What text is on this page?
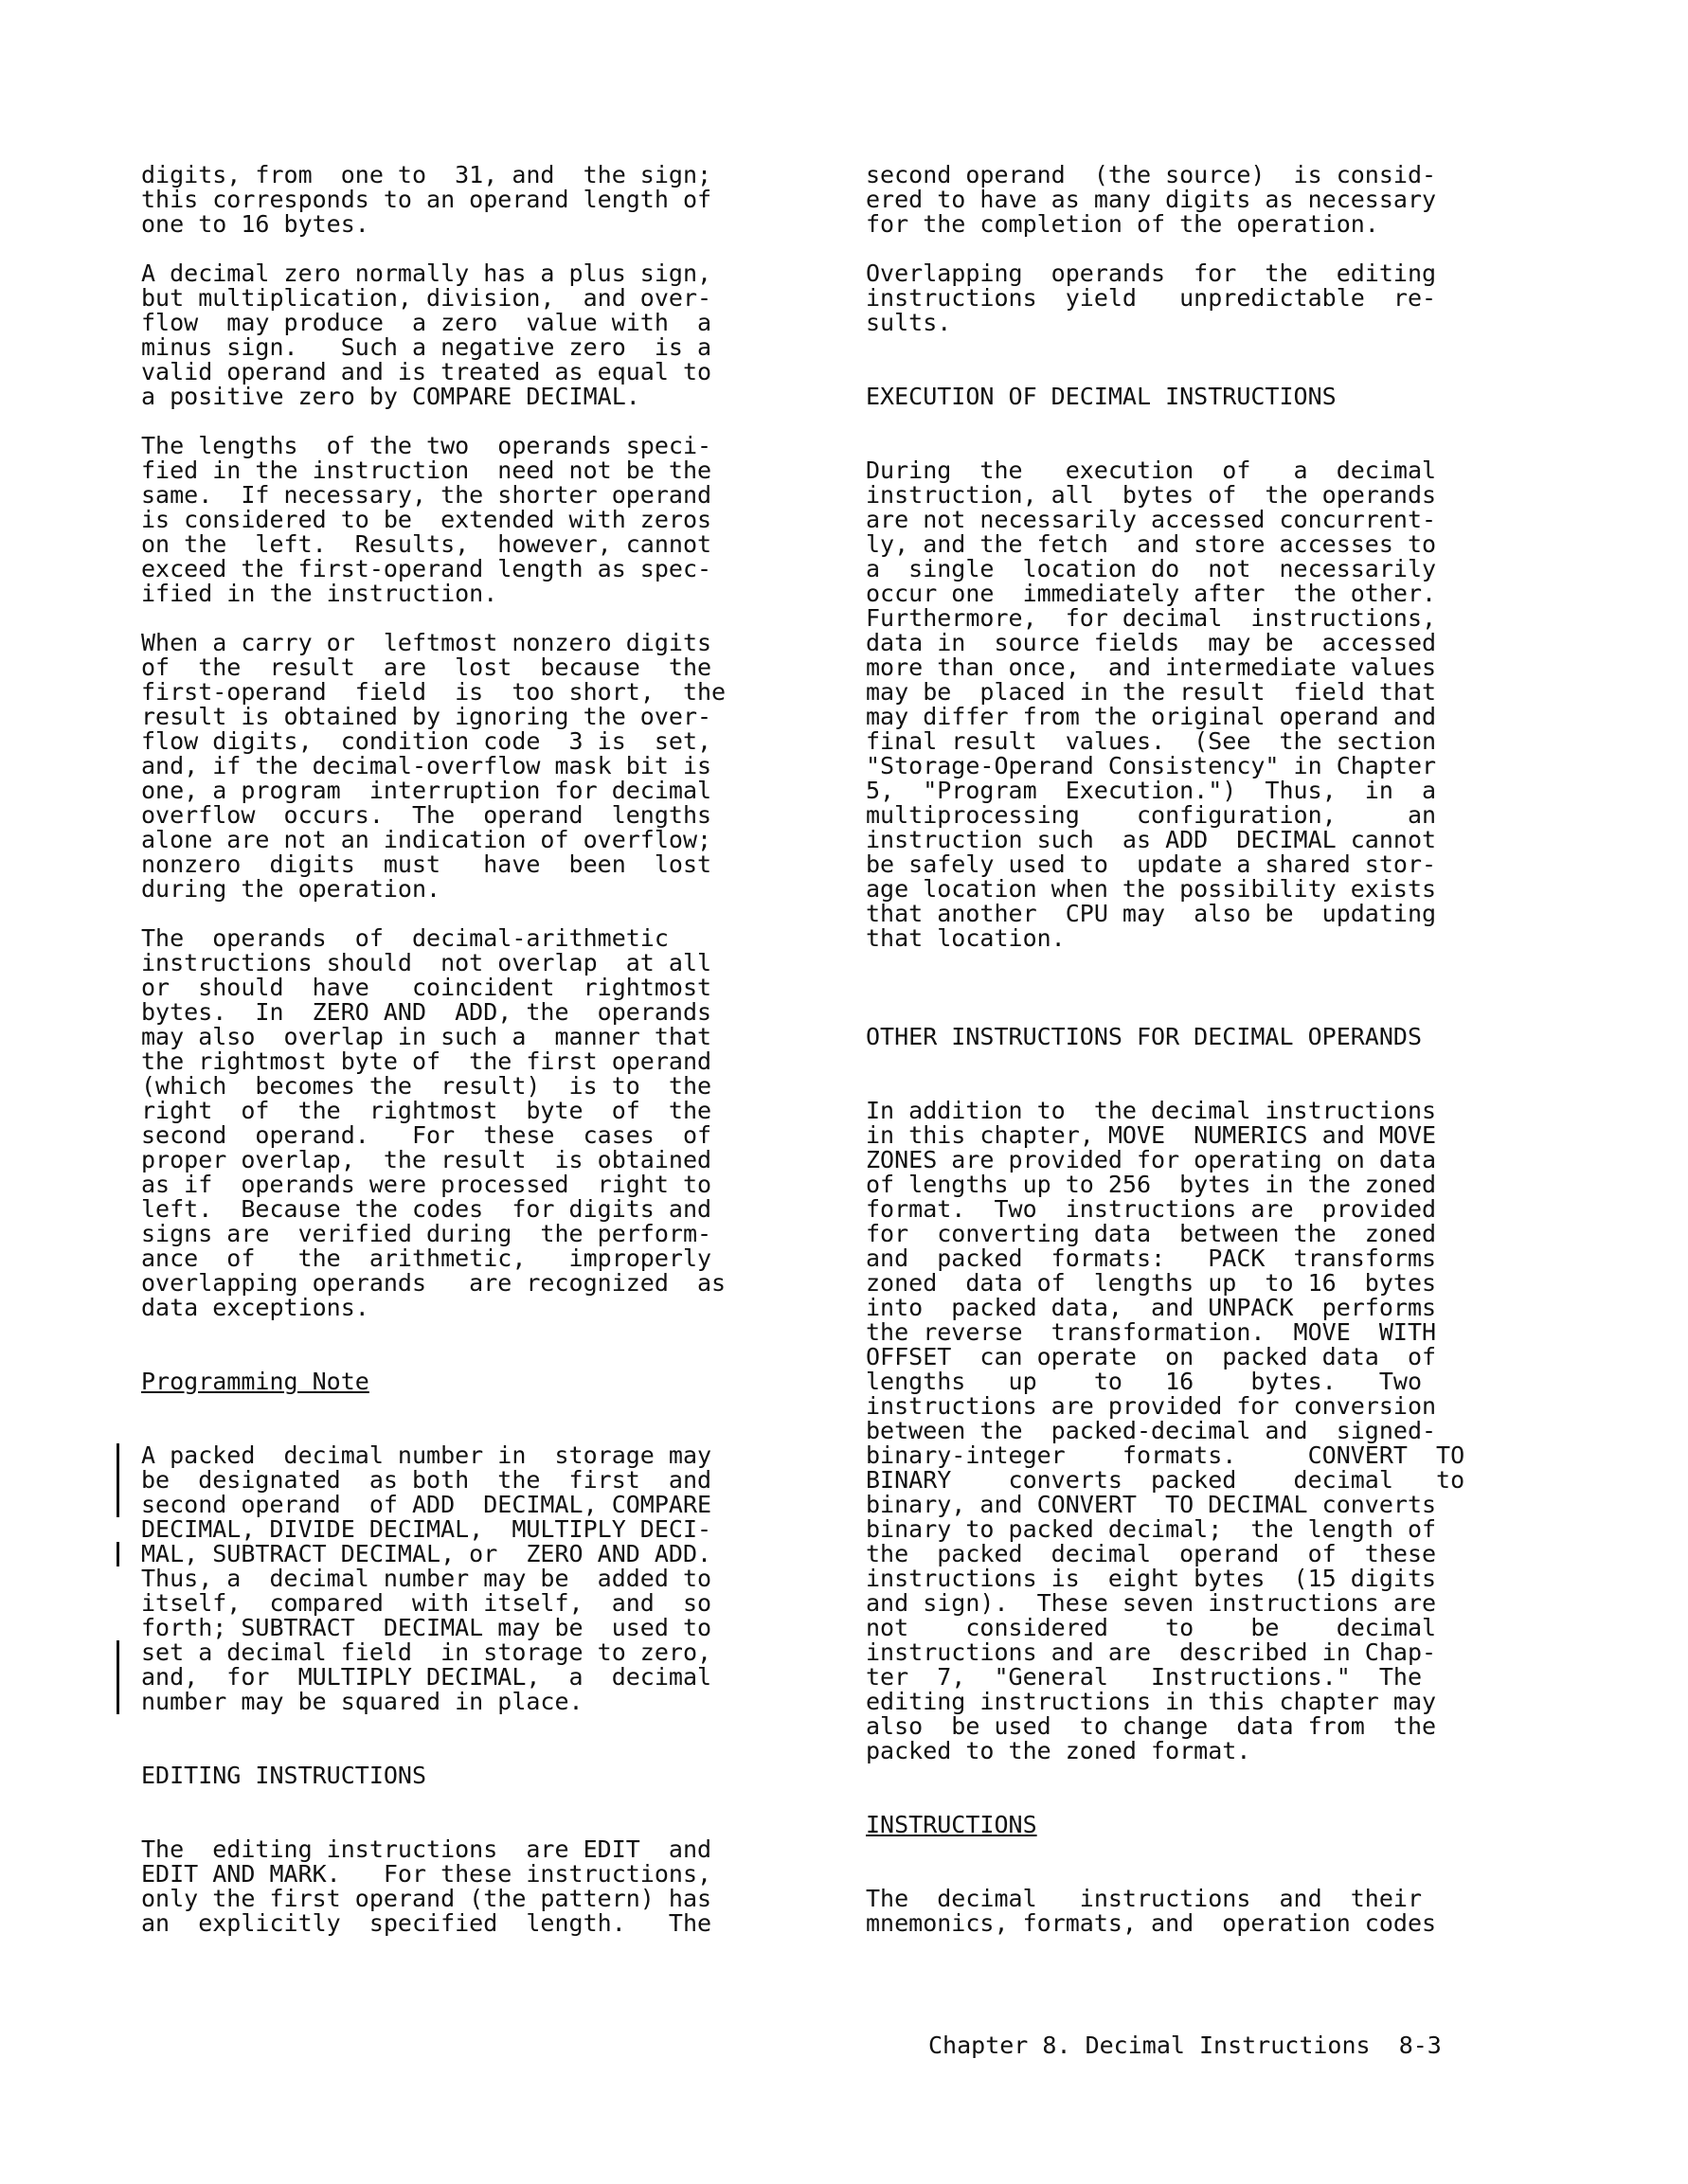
digits, from  one to  31, and  the sign;
this corresponds to an operand length of
one to 16 bytes.

A decimal zero normally has a plus sign,
but multiplication, division,  and over-
flow  may produce  a zero  value with  a
minus sign.   Such a negative zero  is a
valid operand and is treated as equal to
a positive zero by COMPARE DECIMAL.

The lengths  of the two  operands speci-
fied in the instruction  need not be the
same.  If necessary, the shorter operand
is considered to be  extended with zeros
on the  left.  Results,  however, cannot
exceed the first-operand length as spec-
ified in the instruction.

When a carry or  leftmost nonzero digits
of  the  result  are  lost  because  the
first-operand  field  is  too short,  the
result is obtained by ignoring the over-
flow digits,  condition code  3 is  set,
and, if the decimal-overflow mask bit is
one, a program  interruption for decimal
overflow  occurs.  The  operand  lengths
alone are not an indication of overflow;
nonzero  digits  must   have  been  lost
during the operation.

The  operands  of  decimal-arithmetic
instructions should  not overlap  at all
or  should  have   coincident  rightmost
bytes.  In  ZERO AND  ADD, the  operands
may also  overlap in such a  manner that
the rightmost byte of  the first operand
(which  becomes the  result)  is to  the
right  of  the  rightmost  byte  of  the
second  operand.   For  these  cases  of
proper overlap,  the result  is obtained
as if  operands were processed  right to
left.  Because the codes  for digits and
signs are  verified during  the perform-
ance  of   the  arithmetic,   improperly
overlapping operands   are recognized  as
data exceptions.

Programming Note

A packed  decimal number in  storage may
be  designated  as both  the  first  and
second operand  of ADD  DECIMAL, COMPARE
DECIMAL, DIVIDE DECIMAL,  MULTIPLY DECI-
MAL, SUBTRACT DECIMAL, or  ZERO AND ADD.
Thus, a  decimal number may be  added to
itself,  compared  with itself,  and  so
forth; SUBTRACT  DECIMAL may be  used to
set a decimal field  in storage to zero,
and,  for  MULTIPLY DECIMAL,  a  decimal
number may be squared in place.

EDITING INSTRUCTIONS

The  editing instructions  are EDIT  and
EDIT AND MARK.   For these instructions,
only the first operand (the pattern) has
an  explicitly  specified  length.   The

second operand  (the source)  is consid-
ered to have as many digits as necessary
for the completion of the operation.

Overlapping  operands  for  the  editing
instructions  yield   unpredictable  re-
sults.

EXECUTION OF DECIMAL INSTRUCTIONS

During  the   execution  of   a  decimal
instruction, all  bytes of  the operands
are not necessarily accessed concurrent-
ly, and the fetch  and store accesses to
a  single  location do  not  necessarily
occur one  immediately after  the other.
Furthermore,  for decimal  instructions,
data in  source fields  may be  accessed
more than once,  and intermediate values
may be  placed in the result  field that
may differ from the original operand and
final result  values.  (See  the section
"Storage-Operand Consistency" in Chapter
5,  "Program  Execution.")  Thus,  in  a
multiprocessing    configuration,     an
instruction such  as ADD  DECIMAL cannot
be safely used to  update a shared stor-
age location when the possibility exists
that another  CPU may  also be  updating
that location.

OTHER INSTRUCTIONS FOR DECIMAL OPERANDS

In addition to  the decimal instructions
in this chapter, MOVE  NUMERICS and MOVE
ZONES are provided for operating on data
of lengths up to 256  bytes in the zoned
format.  Two  instructions are  provided
for  converting data  between the  zoned
and  packed  formats:   PACK  transforms
zoned  data of  lengths up  to 16  bytes
into  packed data,  and UNPACK  performs
the reverse  transformation.  MOVE  WITH
OFFSET  can operate  on  packed data  of
lengths   up    to   16    bytes.   Two
instructions are provided for conversion
between the  packed-decimal and  signed-
binary-integer    formats.     CONVERT  TO
BINARY    converts  packed    decimal   to
binary, and CONVERT  TO DECIMAL converts
binary to packed decimal;  the length of
the  packed  decimal  operand  of  these
instructions is  eight bytes  (15 digits
and sign).  These seven instructions are
not    considered    to    be    decimal
instructions and are  described in Chap-
ter  7,  "General   Instructions."  The
editing instructions in this chapter may
also  be used  to change  data from  the
packed to the zoned format.

INSTRUCTIONS

The  decimal   instructions  and  their
mnemonics, formats, and  operation codes

Chapter 8. Decimal Instructions  8-3
